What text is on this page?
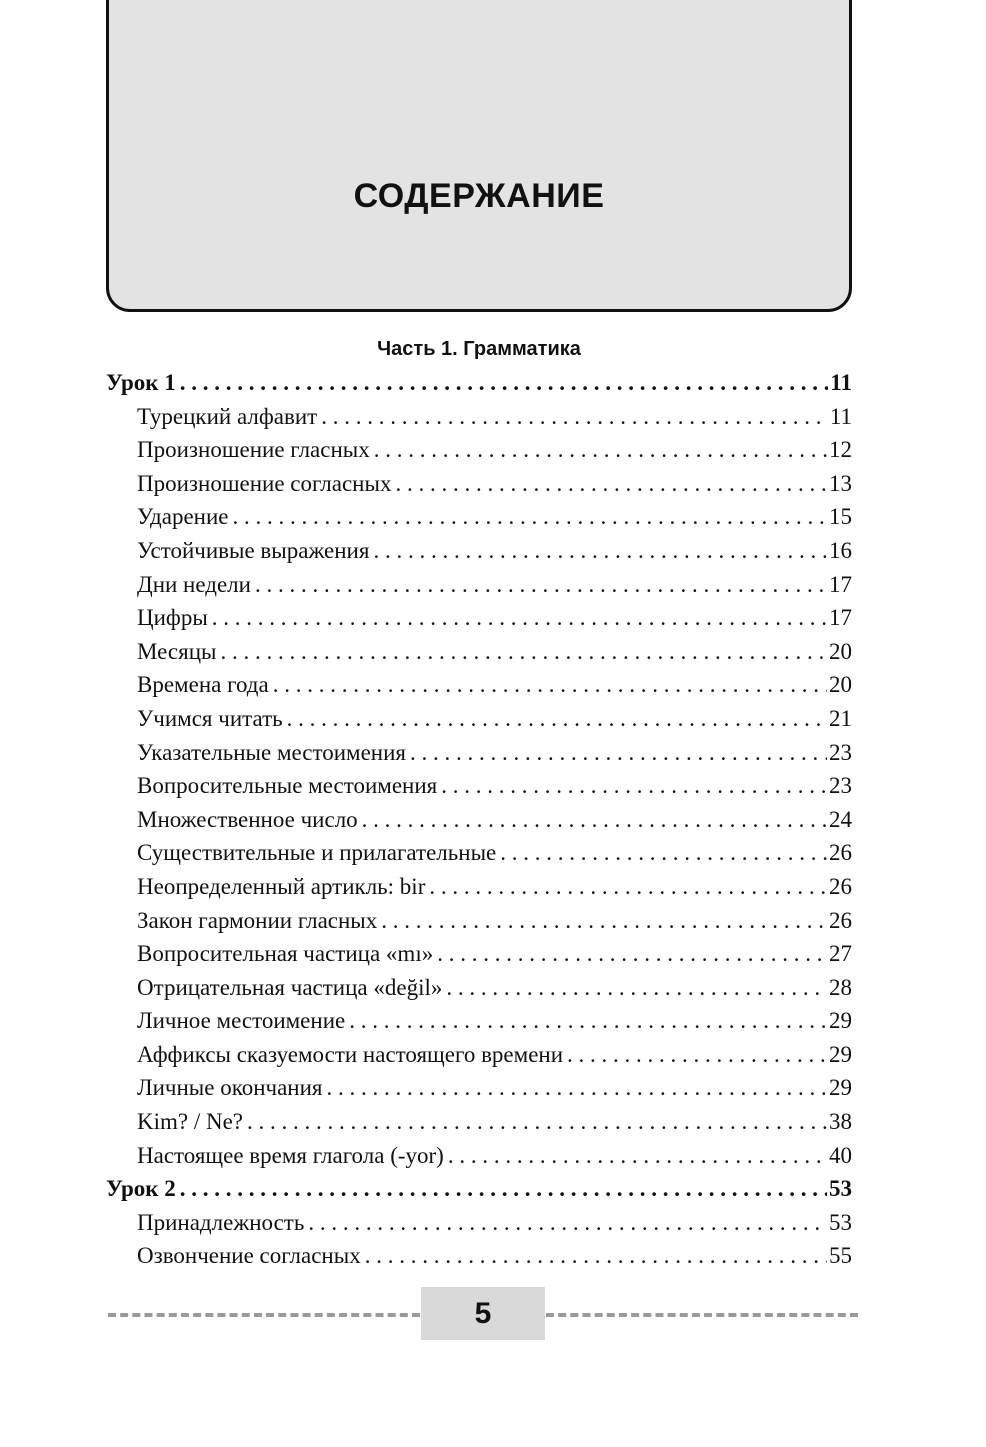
СОДЕРЖАНИЕ
Часть 1. Грамматика
Урок 1 . . .	11
Турецкий алфавит . . .	11
Произношение гласных . . .	12
Произношение согласных . . .	13
Ударение . . .	15
Устойчивые выражения . . .	16
Дни недели . . .	17
Цифры . . .	17
Месяцы . . .	20
Времена года . . .	20
Учимся читать . . .	21
Указательные местоимения . . .	23
Вопросительные местоимения . . .	23
Множественное число . . .	24
Существительные и прилагательные . . .	26
Неопределенный артикль: bir . . .	26
Закон гармонии гласных . . .	26
Вопросительная частица «mı» . . .	27
Отрицательная частица «değil» . . .	28
Личное местоимение . . .	29
Аффиксы сказуемости настоящего времени . . .	29
Личные окончания . . .	29
Kim? / Ne? . . .	38
Настоящее время глагола (-yor) . . .	40
Урок 2 . . .	53
Принадлежность . . .	53
Озвончение согласных . . .	55
5
